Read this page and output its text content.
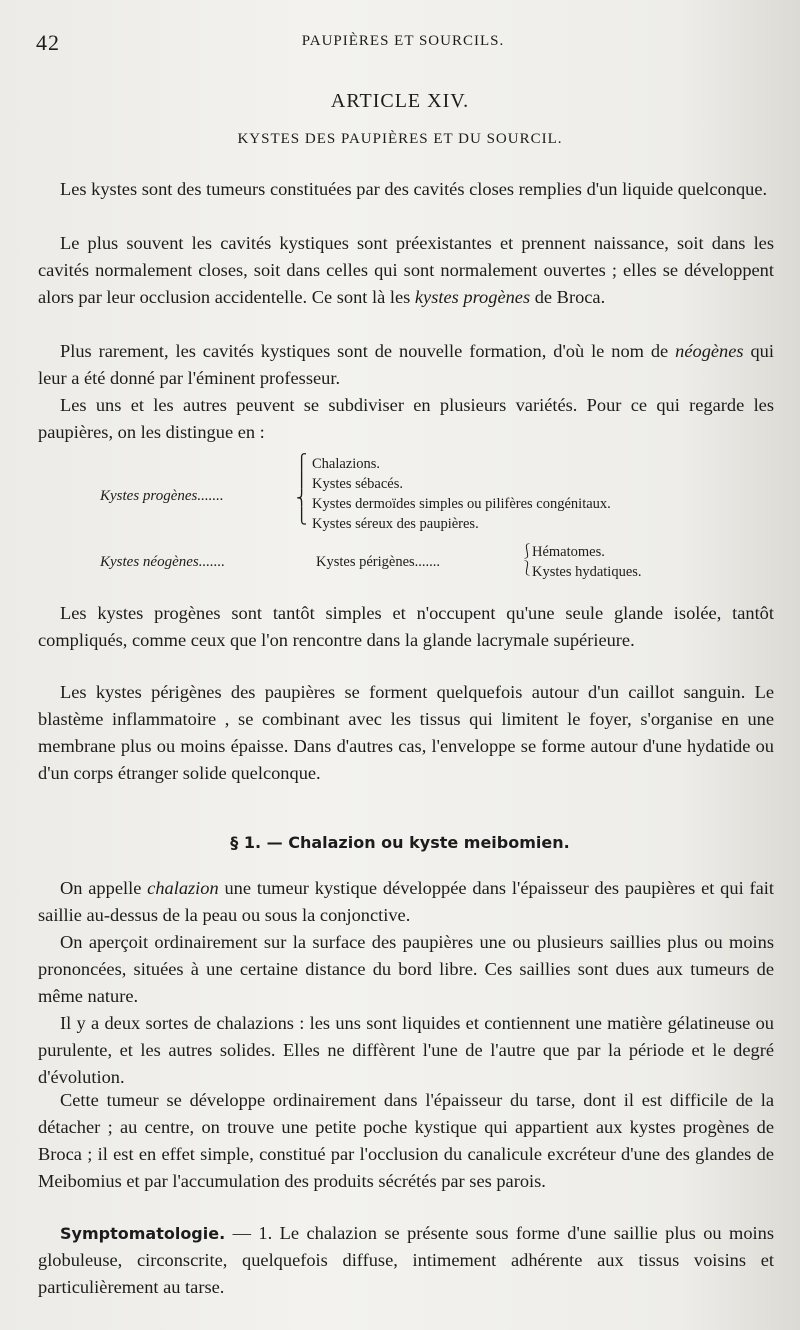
42	PAUPIÈRES ET SOURCILS.
ARTICLE XIV.
KYSTES DES PAUPIÈRES ET DU SOURCIL.

Les kystes sont des tumeurs constituées par des cavités closes remplies d'un liquide quelconque.

Le plus souvent les cavités kystiques sont préexistantes et prennent naissance, soit dans les cavités normalement closes, soit dans celles qui sont normalement ouvertes ; elles se développent alors par leur occlusion accidentelle. Ce sont là les kystes progènes de Broca.

Plus rarement, les cavités kystiques sont de nouvelle formation, d'où le nom de néogènes qui leur a été donné par l'éminent professeur.

Les uns et les autres peuvent se subdiviser en plusieurs variétés. Pour ce qui regarde les paupières, on les distingue en :

Kystes progènes.......
⎧
⎪
⎨
⎩
Chalazions.
Kystes sébacés.
Kystes dermoïdes simples ou pilifères congénitaux.
Kystes séreux des paupières.
Kystes néogènes.......	Kystes périgènes.......
⎰
⎱
Hématomes.
Kystes hydatiques.

Les kystes progènes sont tantôt simples et n'occupent qu'une seule glande isolée, tantôt compliqués, comme ceux que l'on rencontre dans la glande lacrymale supérieure.

Les kystes périgènes des paupières se forment quelquefois autour d'un caillot sanguin. Le blastème inflammatoire , se combinant avec les tissus qui limitent le foyer, s'organise en une membrane plus ou moins épaisse. Dans d'autres cas, l'enveloppe se forme autour d'une hydatide ou d'un corps étranger solide quelconque.

§ 1. — Chalazion ou kyste meibomien.

On appelle chalazion une tumeur kystique développée dans l'épaisseur des paupières et qui fait saillie au-dessus de la peau ou sous la conjonctive.

On aperçoit ordinairement sur la surface des paupières une ou plusieurs saillies plus ou moins prononcées, situées à une certaine distance du bord libre. Ces saillies sont dues aux tumeurs de même nature.

Il y a deux sortes de chalazions : les uns sont liquides et contiennent une matière gélatineuse ou purulente, et les autres solides. Elles ne diffèrent l'une de l'autre que par la période et le degré d'évolution.

Cette tumeur se développe ordinairement dans l'épaisseur du tarse, dont il est difficile de la détacher ; au centre, on trouve une petite poche kystique qui appartient aux kystes progènes de Broca ; il est en effet simple, constitué par l'occlusion du canalicule excréteur d'une des glandes de Meibomius et par l'accumulation des produits sécrétés par ses parois.

Symptomatologie. — 1. Le chalazion se présente sous forme d'une saillie plus ou moins globuleuse, circonscrite, quelquefois diffuse, intimement adhérente aux tissus voisins et particulièrement au tarse.
